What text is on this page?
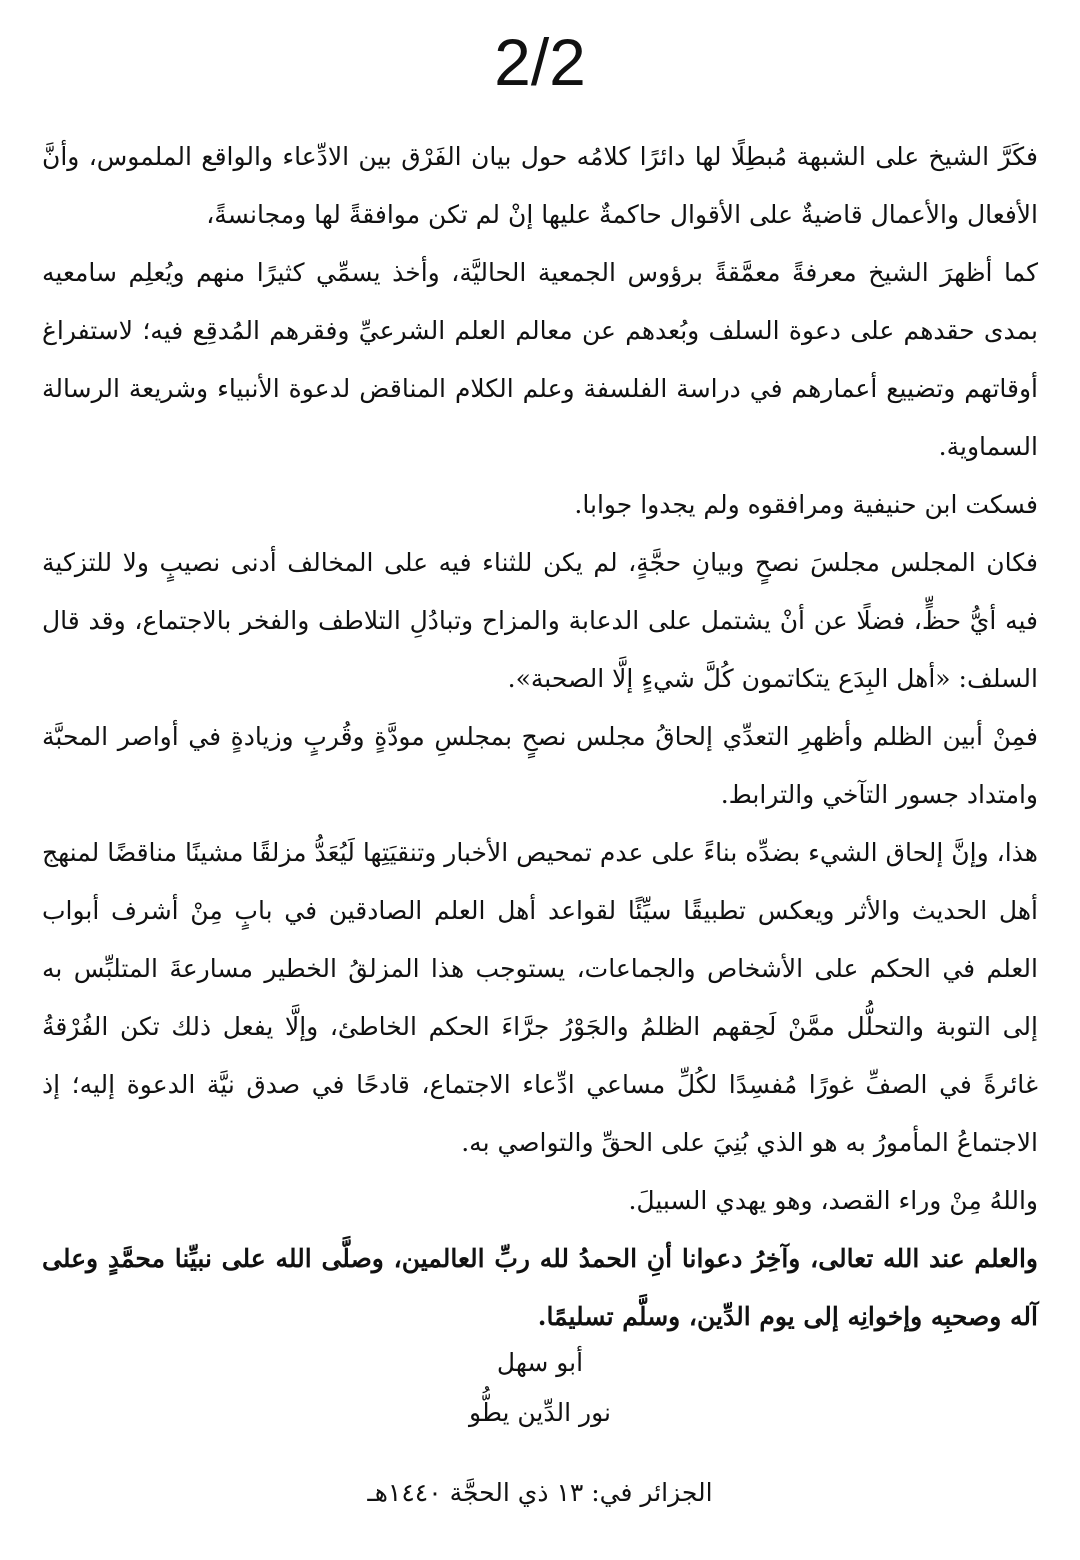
2/2

فكَرَّ الشيخ على الشبهة مُبطِلًا لها دائرًا كلامُه حول بيان الفَرْق بين الادِّعاء والواقع الملموس، وأنَّ الأفعال والأعمال قاضيةٌ على الأقوال حاكمةٌ عليها إنْ لم تكن موافقةً لها ومجانسةً،

كما أظهرَ الشيخ معرفةً معمَّقةً برؤوس الجمعية الحاليَّة، وأخذ يسمِّي كثيرًا منهم ويُعلِم سامعيه بمدى حقدهم على دعوة السلف وبُعدهم عن معالم العلم الشرعيِّ وفقرهم المُدقِع فيه؛ لاستفراغ أوقاتهم وتضييع أعمارهم في دراسة الفلسفة وعلم الكلام المناقض لدعوة الأنبياء وشريعة الرسالة السماوية.

فسكت ابن حنيفية ومرافقوه ولم يجدوا جوابا.

فكان المجلس مجلسَ نصحٍ وبيانِ حجَّةٍ، لم يكن للثناء فيه على المخالف أدنى نصيبٍ ولا للتزكية فيه أيُّ حظٍّ، فضلًا عن أنْ يشتمل على الدعابة والمزاح وتبادُلِ التلاطف والفخر بالاجتماع، وقد قال السلف: «أهل البِدَع يتكاتمون كُلَّ شيءٍ إلَّا الصحبة».

فمِنْ أبين الظلم وأظهرِ التعدِّي إلحاقُ مجلس نصحٍ بمجلسِ مودَّةٍ وقُربٍ وزيادةٍ في أواصر المحبَّة وامتداد جسور التآخي والترابط.

هذا، وإنَّ إلحاق الشيء بضدِّه بناءً على عدم تمحيص الأخبار وتنقيَتِها لَيُعَدُّ مزلقًا مشينًا مناقضًا لمنهج أهل الحديث والأثر ويعكس تطبيقًا سيِّئًا لقواعد أهل العلم الصادقين في بابٍ مِنْ أشرف أبواب العلم في الحكم على الأشخاص والجماعات، يستوجب هذا المزلقُ الخطير مسارعةَ المتلبِّس به إلى التوبة والتحلُّل ممَّنْ لَحِقهم الظلمُ والجَوْرُ جرَّاءَ الحكم الخاطئ، وإلَّا يفعل ذلك تكن الفُرْقةُ غائرةً في الصفِّ غورًا مُفسِدًا لكُلِّ مساعي ادِّعاء الاجتماع، قادحًا في صدق نيَّة الدعوة إليه؛ إذ الاجتماعُ المأمورُ به هو الذي بُنِيَ على الحقِّ والتواصي به.

واللهُ مِنْ وراء القصد، وهو يهدي السبيلَ.

والعلم عند الله تعالى، وآخِرُ دعوانا أنِ الحمدُ لله ربِّ العالمين، وصلَّى الله على نبيِّنا محمَّدٍ وعلى آله وصحبِه وإخوانِه إلى يوم الدِّين، وسلَّم تسليمًا.

أبو سهل
نور الدِّين يطُّو
الجزائر في: ١٣ ذي الحجَّة ١٤٤٠هـ
